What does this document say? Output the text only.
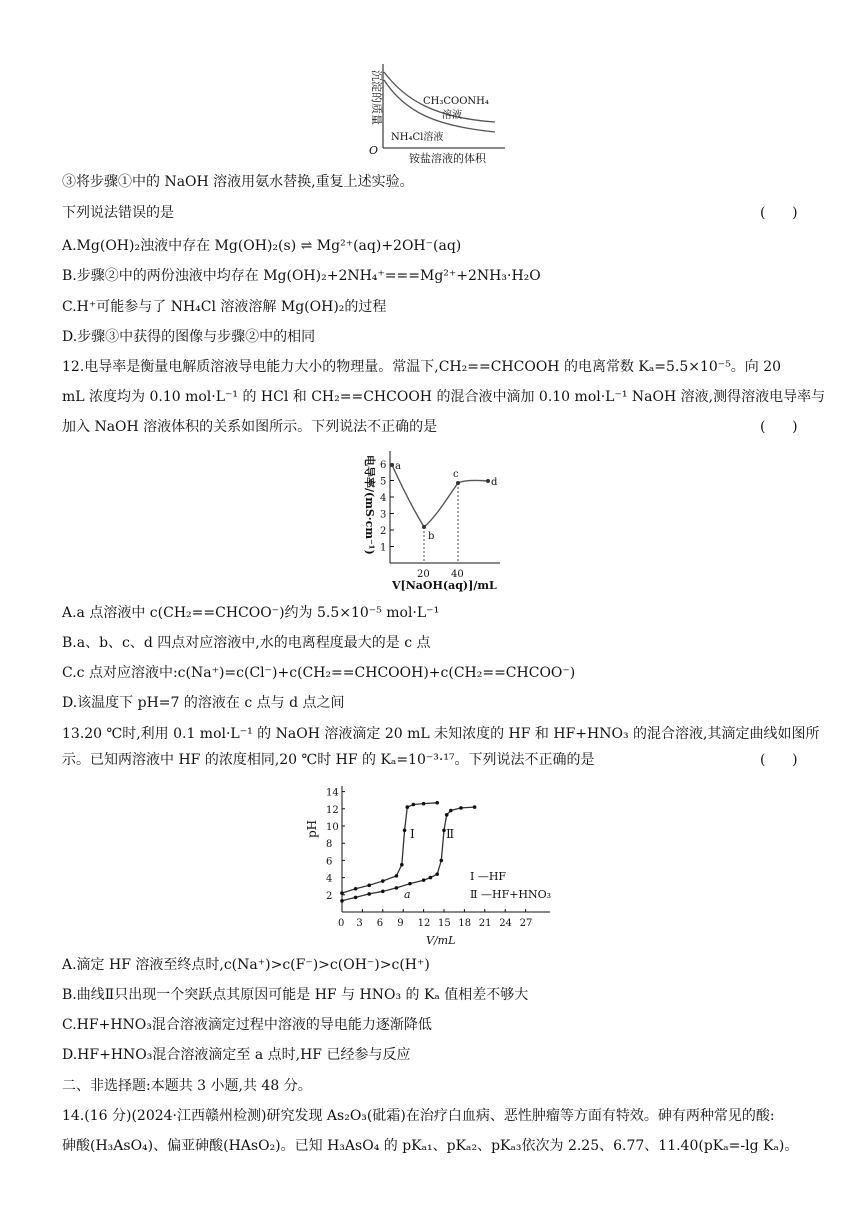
沉淀的质量	CH₃COONH₄
溶液
NH₄Cl溶液
O
铵盐溶液的体积
③将步骤①中的 NaOH 溶液用氨水替换,重复上述实验。
下列说法错误的是	(      )
A.Mg(OH)₂浊液中存在 Mg(OH)₂(s) ⇌ Mg²⁺(aq)+2OH⁻(aq)
B.步骤②中的两份浊液中均存在 Mg(OH)₂+2NH₄⁺===Mg²⁺+2NH₃·H₂O
C.H⁺可能参与了 NH₄Cl 溶液溶解 Mg(OH)₂的过程
D.步骤③中获得的图像与步骤②中的相同
12.电导率是衡量电解质溶液导电能力大小的物理量。常温下,CH₂==CHCOOH 的电离常数 Kₐ=5.5×10⁻⁵。向 20
mL 浓度均为 0.10 mol·L⁻¹ 的 HCl 和 CH₂==CHCOOH 的混合液中滴加 0.10 mol·L⁻¹ NaOH 溶液,测得溶液电导率与
加入 NaOH 溶液体积的关系如图所示。下列说法不正确的是	(      )
1
2
3
4
5
6
20 40
a
b
c
d
电导率/(mS·cm⁻¹)
V[NaOH(aq)]/mL
A.a 点溶液中 c(CH₂==CHCOO⁻)约为 5.5×10⁻⁵ mol·L⁻¹
B.a、b、c、d 四点对应溶液中,水的电离程度最大的是 c 点
C.c 点对应溶液中:c(Na⁺)=c(Cl⁻)+c(CH₂==CHCOOH)+c(CH₂==CHCOO⁻)
D.该温度下 pH=7 的溶液在 c 点与 d 点之间
13.20 ℃时,利用 0.1 mol·L⁻¹ 的 NaOH 溶液滴定 20 mL 未知浓度的 HF 和 HF+HNO₃ 的混合溶液,其滴定曲线如图所
示。已知两溶液中 HF 的浓度相同,20 ℃时 HF 的 Kₐ=10⁻³·¹⁷。下列说法不正确的是	(      )
2
4
6
8
10
12
14
0 3 6 9 12 15 18 21 24 27
Ⅰ	Ⅱ
a
Ⅰ —HF
Ⅱ —HF+HNO₃
pH
V/mL
A.滴定 HF 溶液至终点时,c(Na⁺)>c(F⁻)>c(OH⁻)>c(H⁺)
B.曲线Ⅱ只出现一个突跃点其原因可能是 HF 与 HNO₃ 的 Kₐ 值相差不够大
C.HF+HNO₃混合溶液滴定过程中溶液的导电能力逐渐降低
D.HF+HNO₃混合溶液滴定至 a 点时,HF 已经参与反应
二、非选择题:本题共 3 小题,共 48 分。
14.(16 分)(2024·江西赣州检测)研究发现 As₂O₃(砒霜)在治疗白血病、恶性肿瘤等方面有特效。砷有两种常见的酸:
砷酸(H₃AsO₄)、偏亚砷酸(HAsO₂)。已知 H₃AsO₄ 的 pKₐ₁、pKₐ₂、pKₐ₃依次为 2.25、6.77、11.40(pKₐ=-lg Kₐ)。
